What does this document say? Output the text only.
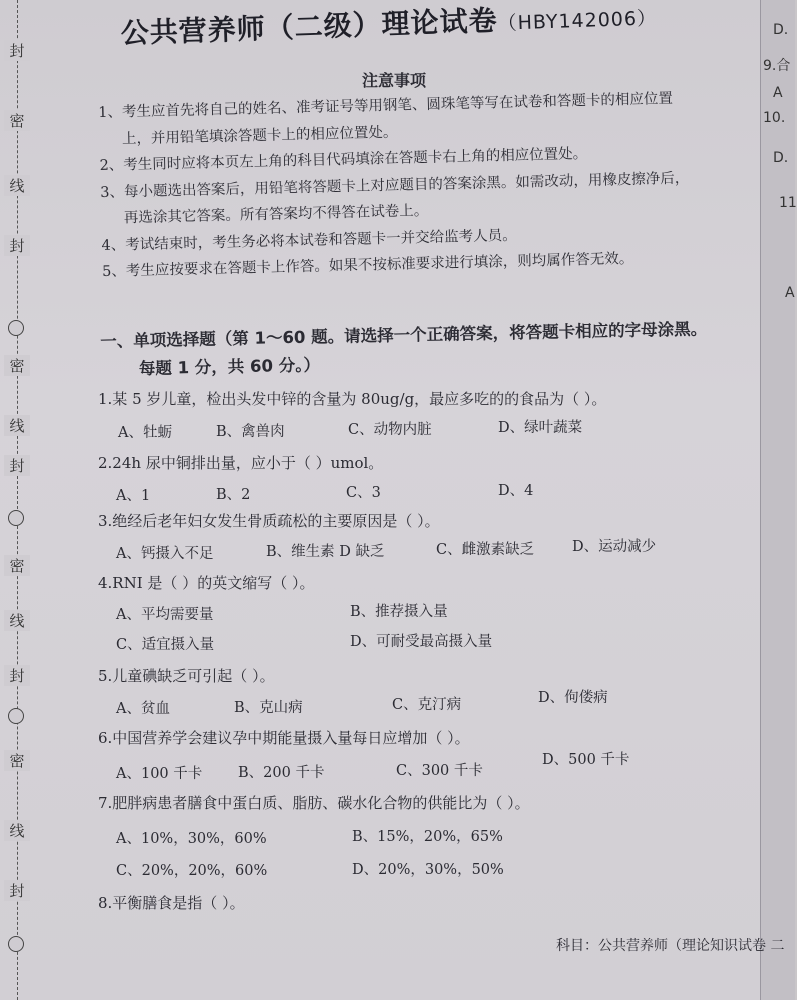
封
密
线
封
密
线
封
密
线
封
密
线
封
D.
9.合
A
10.
D.
11
A
公共营养师（二级）理论试卷（HBY142006）
注意事项
1、考生应首先将自己的姓名、准考证号等用钢笔、圆珠笔等写在试卷和答题卡的相应位置
上，并用铅笔填涂答题卡上的相应位置处。
2、考生同时应将本页左上角的科目代码填涂在答题卡右上角的相应位置处。
3、每小题选出答案后，用铅笔将答题卡上对应题目的答案涂黑。如需改动，用橡皮擦净后，
再选涂其它答案。所有答案均不得答在试卷上。
4、考试结束时，考生务必将本试卷和答题卡一并交给监考人员。
5、考生应按要求在答题卡上作答。如果不按标准要求进行填涂，则均属作答无效。
一、单项选择题（第 1～60 题。请选择一个正确答案，将答题卡相应的字母涂黑。
每题 1 分，共 60 分。）
1.某 5 岁儿童，检出头发中锌的含量为 80ug/g，最应多吃的的食品为（ ）。
A、牡蛎	B、禽兽肉	C、动物内脏	D、绿叶蔬菜
2.24h 尿中铜排出量，应小于（ ）umol。
A、1	B、2	C、3	D、4
3.绝经后老年妇女发生骨质疏松的主要原因是（ ）。
A、钙摄入不足	B、维生素 D 缺乏	C、雌激素缺乏	D、运动减少
4.RNI 是（ ）的英文缩写（ ）。
A、平均需要量	B、推荐摄入量
C、适宜摄入量	D、可耐受最高摄入量
5.儿童碘缺乏可引起（ ）。
A、贫血	B、克山病	C、克汀病	D、佝偻病
6.中国营养学会建议孕中期能量摄入量每日应增加（ ）。
A、100 千卡 B、200 千卡	C、300 千卡
D、500 千卡
7.肥胖病患者膳食中蛋白质、脂肪、碳水化合物的供能比为（ ）。
A、10%，30%，60%	B、15%，20%，65%
C、20%，20%，60%	D、20%，30%，50%
8.平衡膳食是指（ ）。
科目：公共营养师（理论知识试卷 二
